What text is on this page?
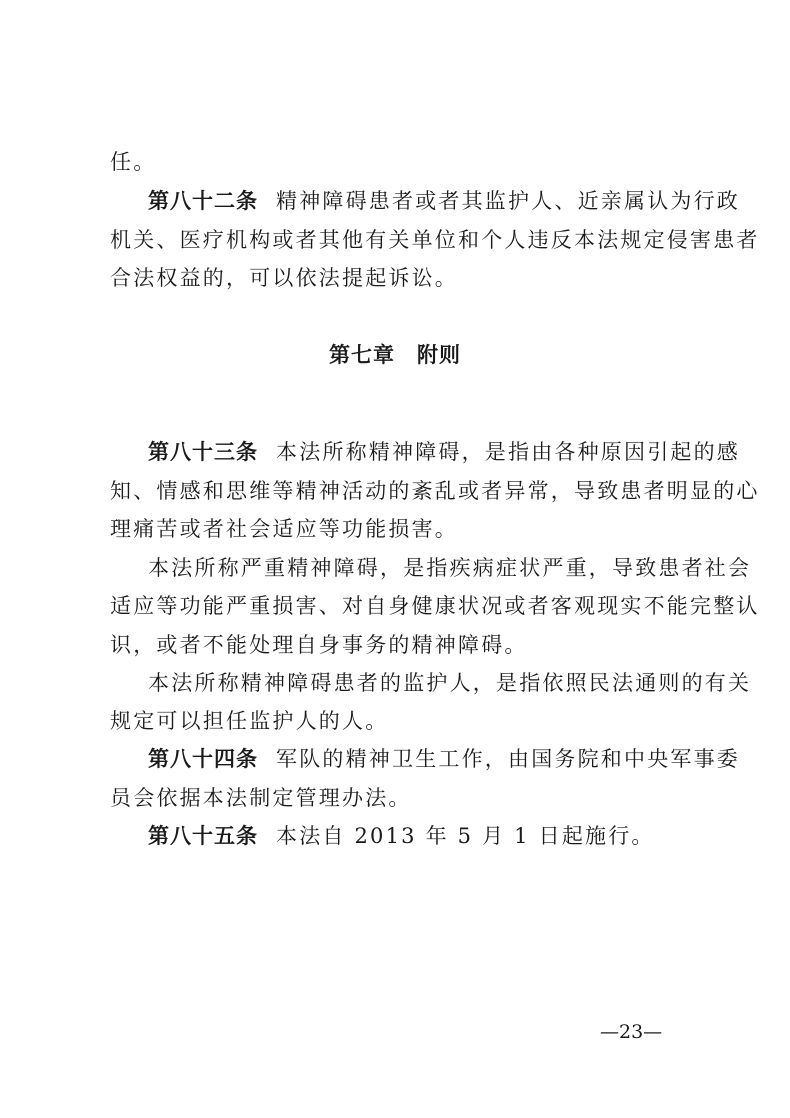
任。
第八十二条 精神障碍患者或者其监护人、近亲属认为行政
机关、医疗机构或者其他有关单位和个人违反本法规定侵害患者
合法权益的，可以依法提起诉讼。
第七章 附则
第八十三条 本法所称精神障碍，是指由各种原因引起的感
知、情感和思维等精神活动的紊乱或者异常，导致患者明显的心
理痛苦或者社会适应等功能损害。
本法所称严重精神障碍，是指疾病症状严重，导致患者社会
适应等功能严重损害、对自身健康状况或者客观现实不能完整认
识，或者不能处理自身事务的精神障碍。
本法所称精神障碍患者的监护人，是指依照民法通则的有关
规定可以担任监护人的人。
第八十四条 军队的精神卫生工作，由国务院和中央军事委
员会依据本法制定管理办法。
第八十五条 本法自 2013 年 5 月 1 日起施行。
—23—
